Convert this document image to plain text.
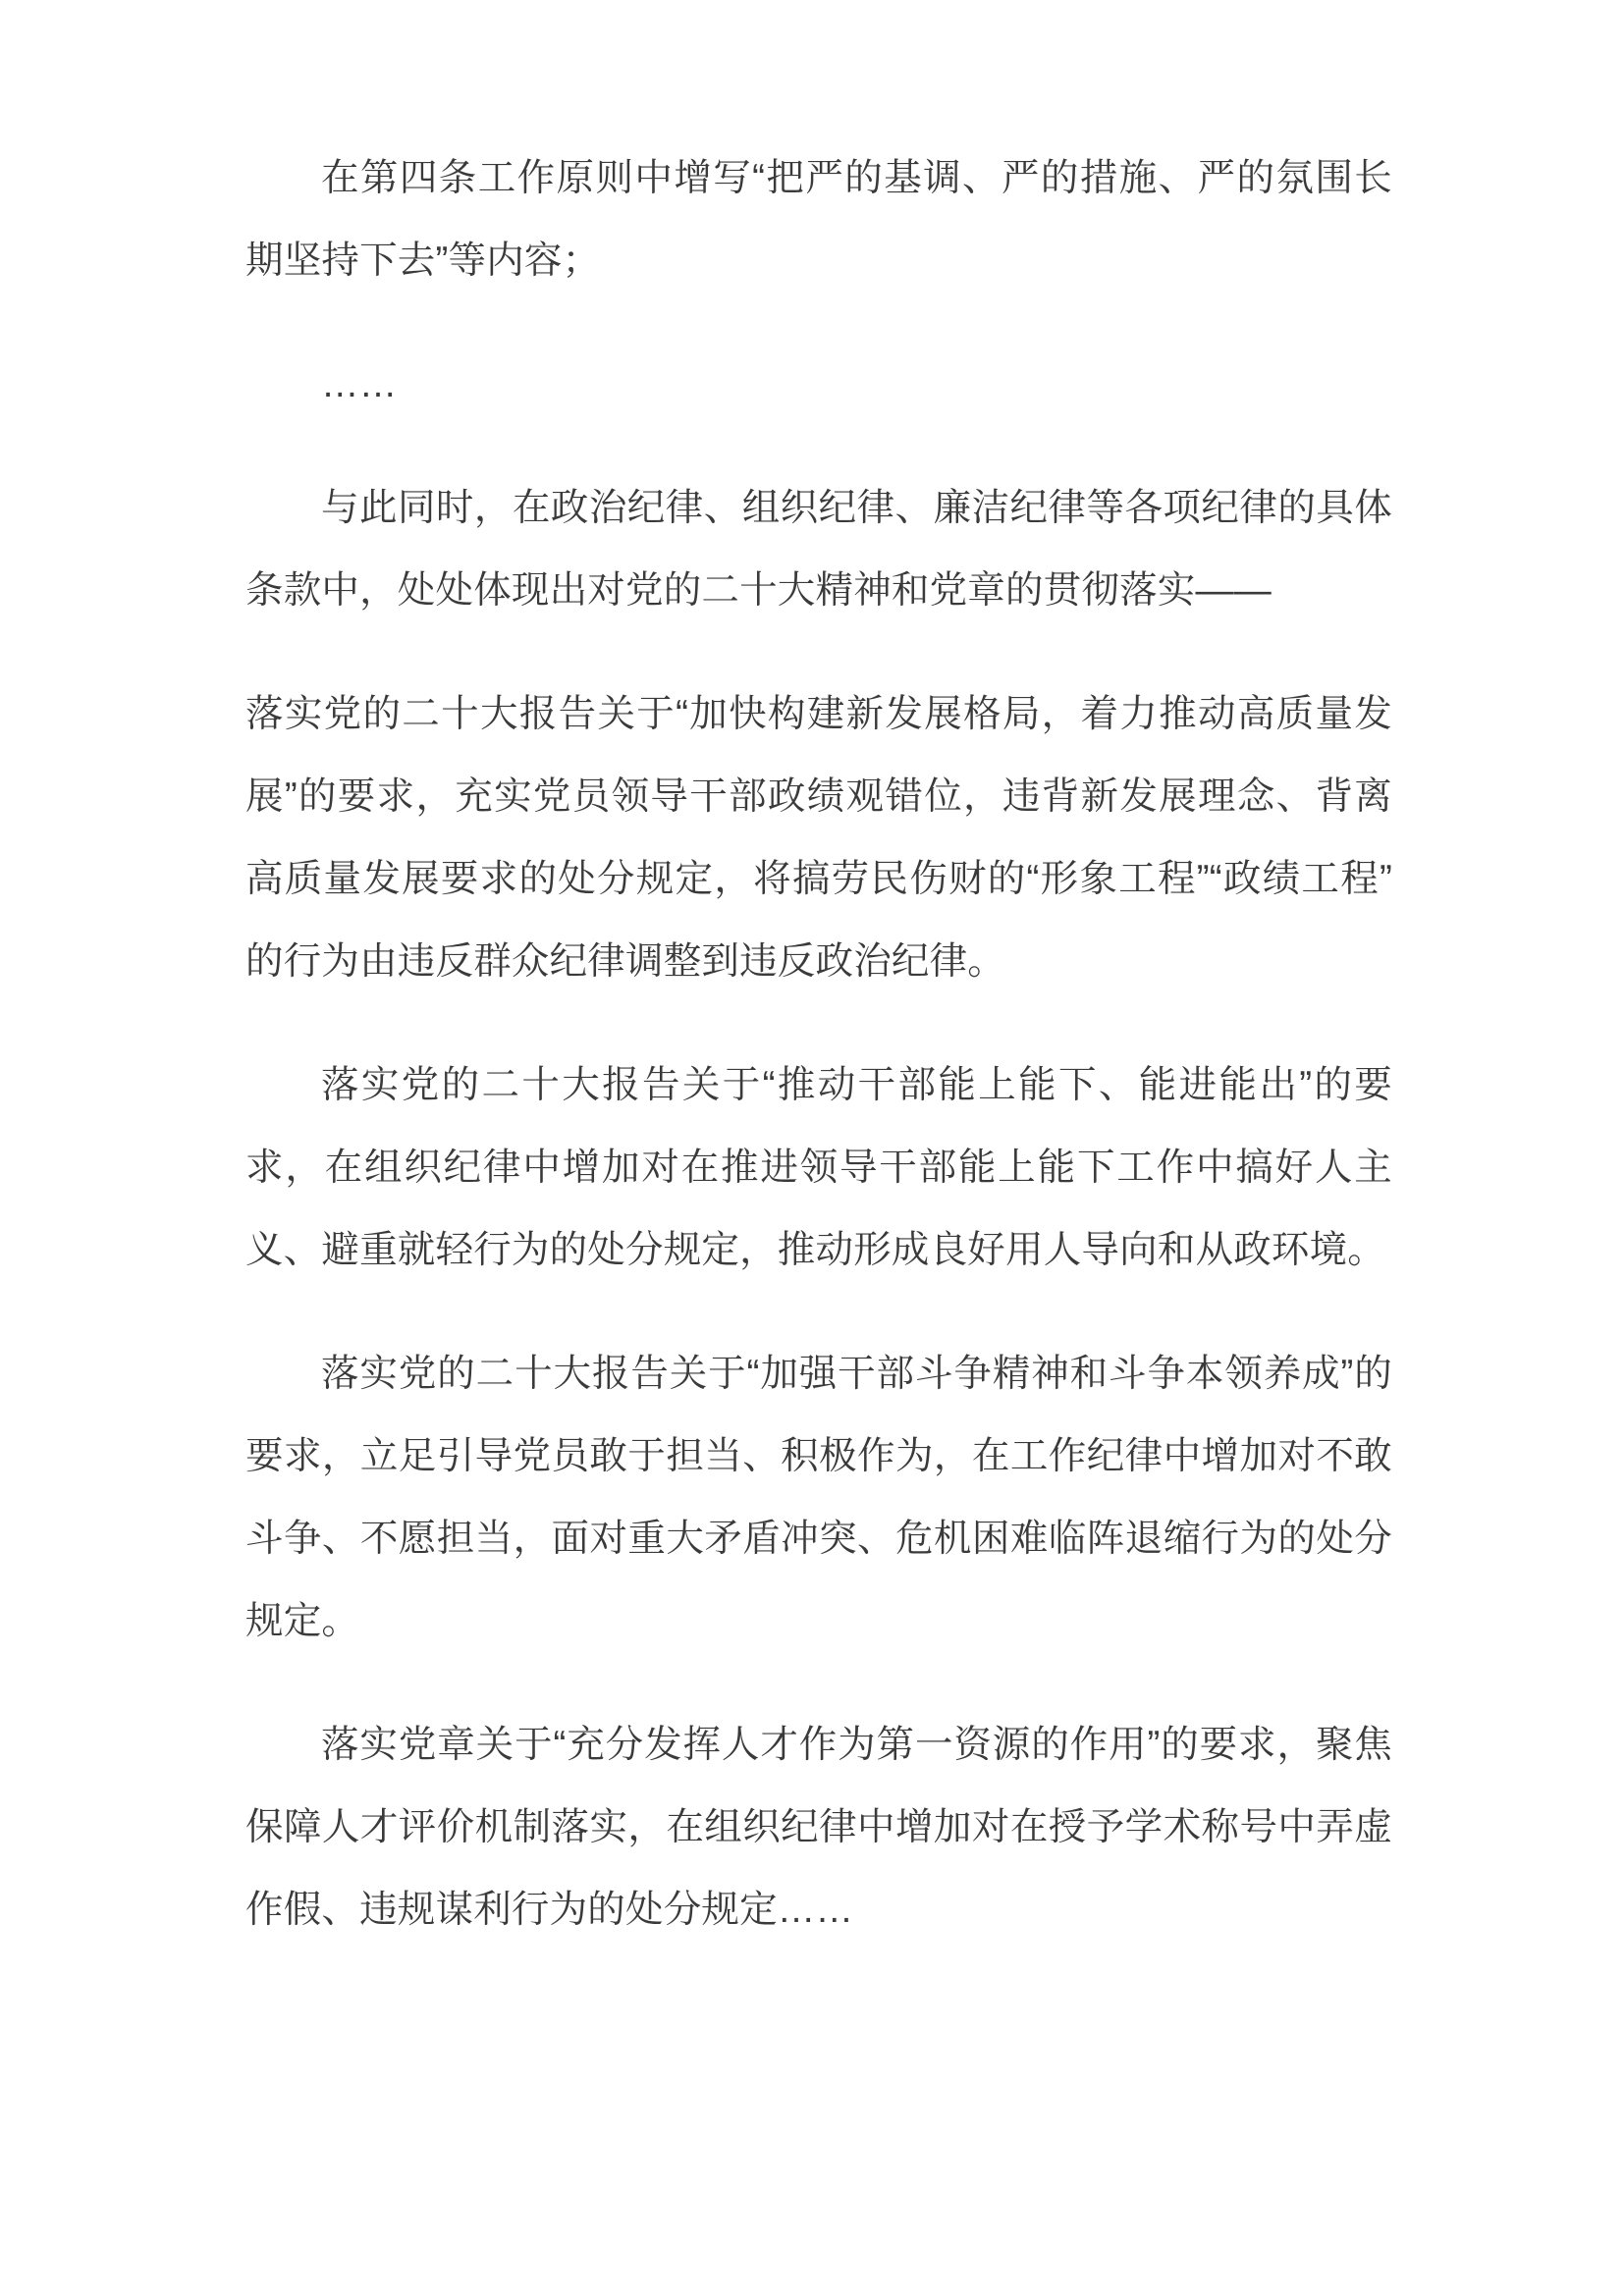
在第四条工作原则中增写“把严的基调、严的措施、严的氛围长期坚持下去”等内容；

……

与此同时，在政治纪律、组织纪律、廉洁纪律等各项纪律的具体条款中，处处体现出对党的二十大精神和党章的贯彻落实——

落实党的二十大报告关于“加快构建新发展格局，着力推动高质量发展”的要求，充实党员领导干部政绩观错位，违背新发展理念、背离高质量发展要求的处分规定，将搞劳民伤财的“形象工程”“政绩工程”的行为由违反群众纪律调整到违反政治纪律。

落实党的二十大报告关于“推动干部能上能下、能进能出”的要求，在组织纪律中增加对在推进领导干部能上能下工作中搞好人主义、避重就轻行为的处分规定，推动形成良好用人导向和从政环境。

落实党的二十大报告关于“加强干部斗争精神和斗争本领养成”的要求，立足引导党员敢于担当、积极作为，在工作纪律中增加对不敢斗争、不愿担当，面对重大矛盾冲突、危机困难临阵退缩行为的处分规定。

落实党章关于“充分发挥人才作为第一资源的作用”的要求，聚焦保障人才评价机制落实，在组织纪律中增加对在授予学术称号中弄虚作假、违规谋利行为的处分规定……
